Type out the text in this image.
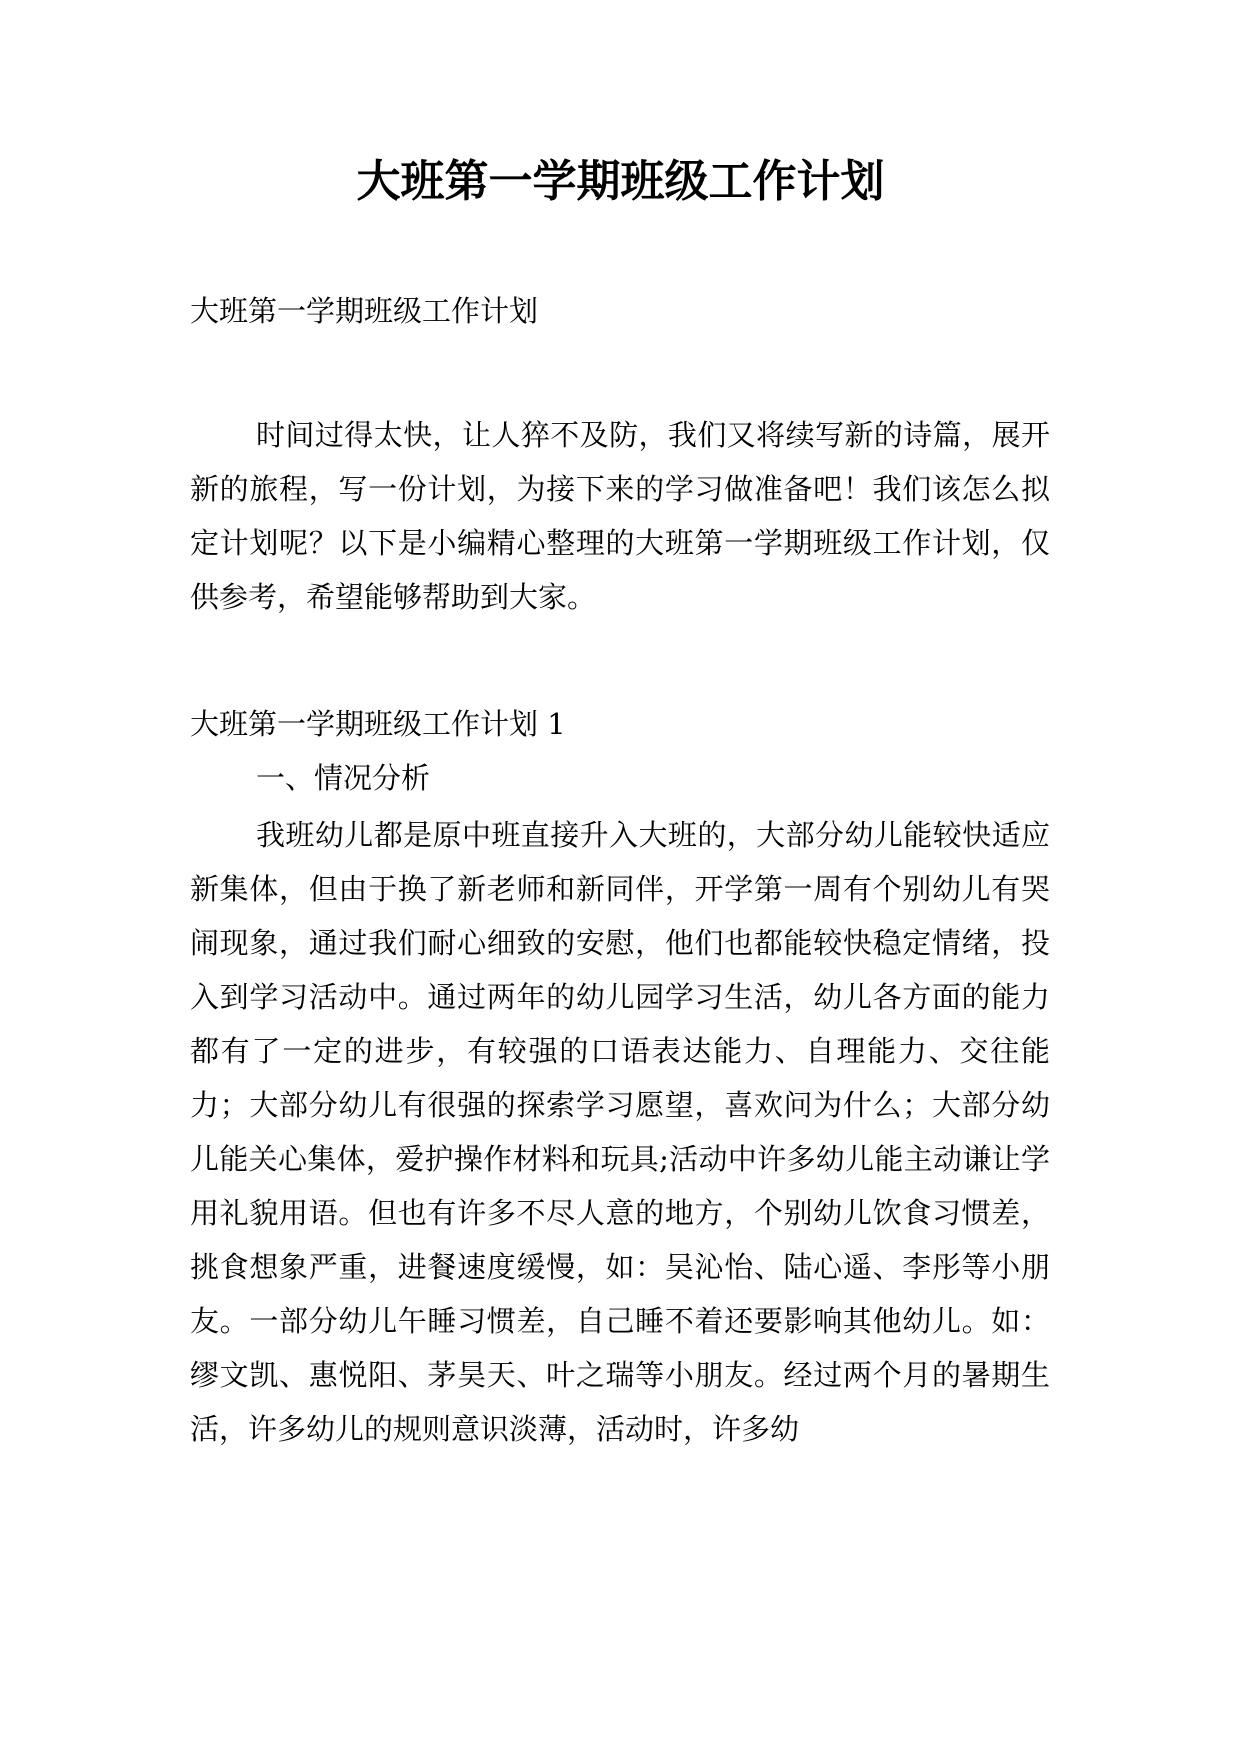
大班第一学期班级工作计划

大班第一学期班级工作计划

时间过得太快，让人猝不及防，我们又将续写新的诗篇，展开新的旅程，写一份计划，为接下来的学习做准备吧！我们该怎么拟定计划呢？以下是小编精心整理的大班第一学期班级工作计划，仅供参考，希望能够帮助到大家。

大班第一学期班级工作计划 1

一、情况分析

我班幼儿都是原中班直接升入大班的，大部分幼儿能较快适应新集体，但由于换了新老师和新同伴，开学第一周有个别幼儿有哭闹现象，通过我们耐心细致的安慰，他们也都能较快稳定情绪，投入到学习活动中。通过两年的幼儿园学习生活，幼儿各方面的能力都有了一定的进步，有较强的口语表达能力、自理能力、交往能力；大部分幼儿有很强的探索学习愿望，喜欢问为什么；大部分幼儿能关心集体，爱护操作材料和玩具;活动中许多幼儿能主动谦让学用礼貌用语。但也有许多不尽人意的地方，个别幼儿饮食习惯差，挑食想象严重，进餐速度缓慢，如：吴沁怡、陆心遥、李彤等小朋友。一部分幼儿午睡习惯差，自己睡不着还要影响其他幼儿。如：缪文凯、惠悦阳、茅昊天、叶之瑞等小朋友。经过两个月的暑期生活，许多幼儿的规则意识淡薄，活动时，许多幼
